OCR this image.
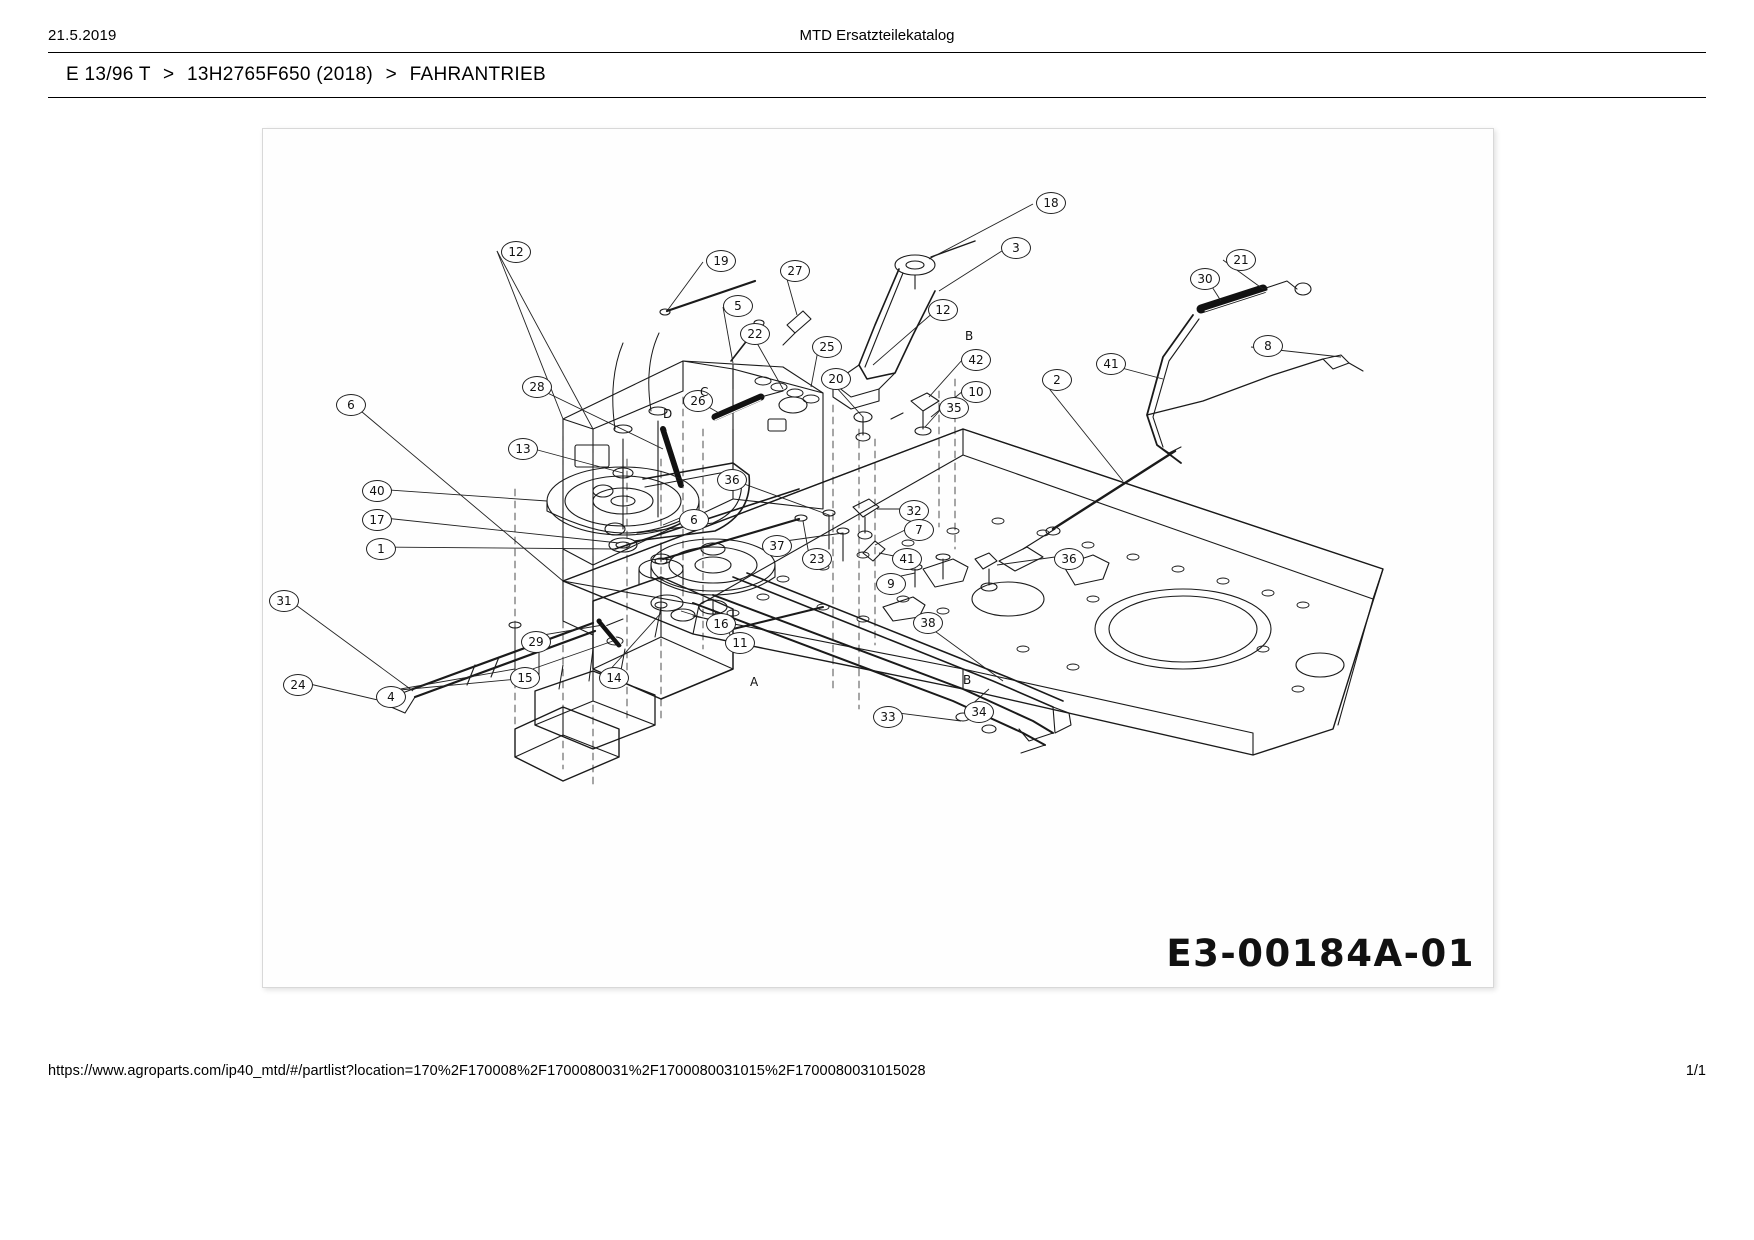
21.5.2019	MTD Ersatzteilekatalog
E 13/96 T > 13H2765F650 (2018) > FAHRANTRIEB
12
19
27
3
18
21
30
5
22
12
8
25
42	41
20
10
2
35
26
28
6
13
36
40
6
17
32
7
37
1
23	41	36
9
31
16
11
38
29
24
4
15	14
33	34
B
C
D
A	B
E3-00184A-01
https://www.agroparts.com/ip40_mtd/#/partlist?location=170%2F170008%2F1700080031%2F1700080031015%2F1700080031015028	1/1
